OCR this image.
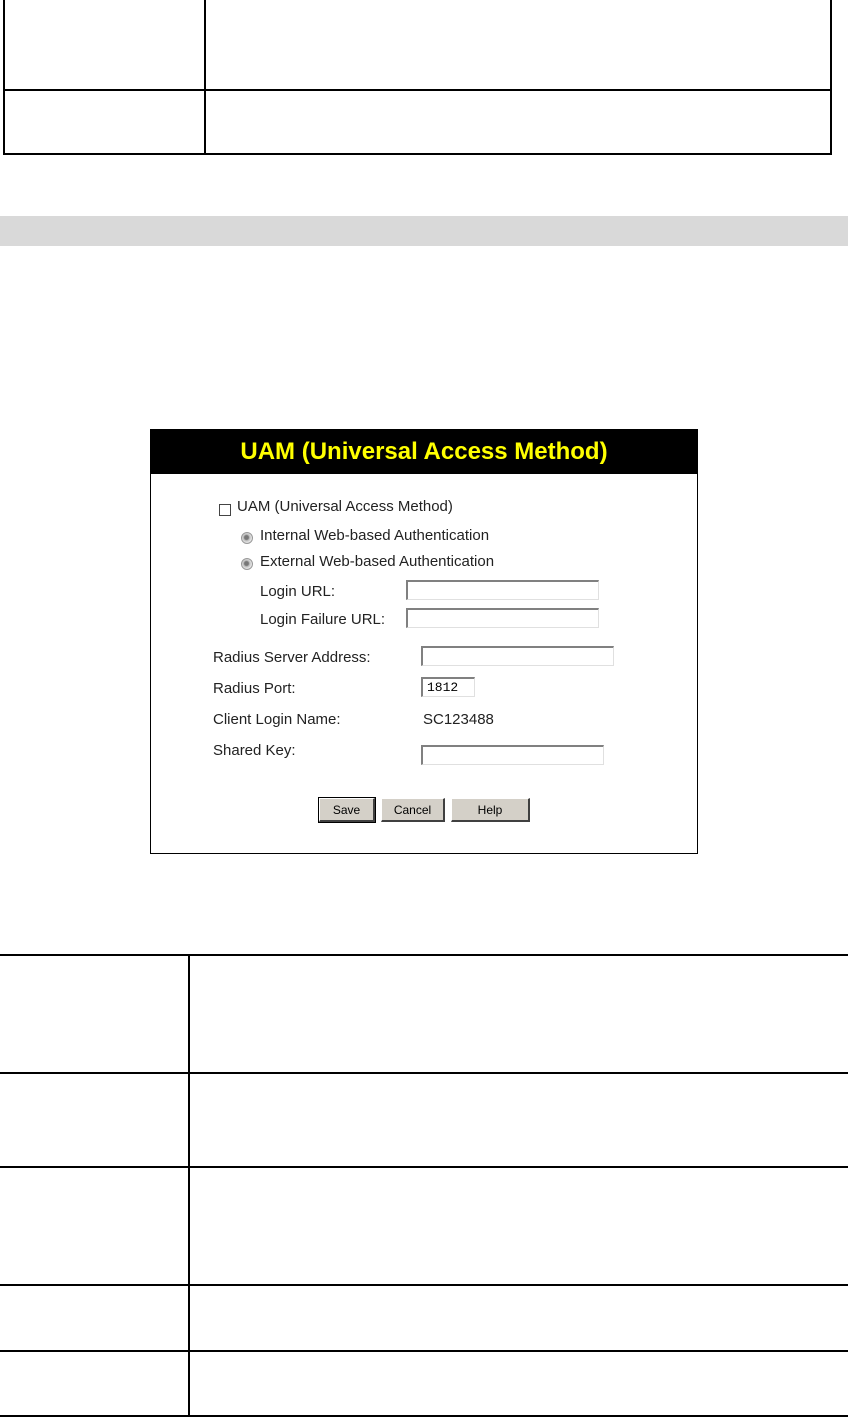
UAM (Universal Access Method)
UAM (Universal Access Method)
Internal Web-based Authentication
External Web-based Authentication
Login URL:
Login Failure URL:
Radius Server Address:
Radius Port:	1812
Client Login Name:	SC123488
Shared Key:
Save	Cancel	Help
